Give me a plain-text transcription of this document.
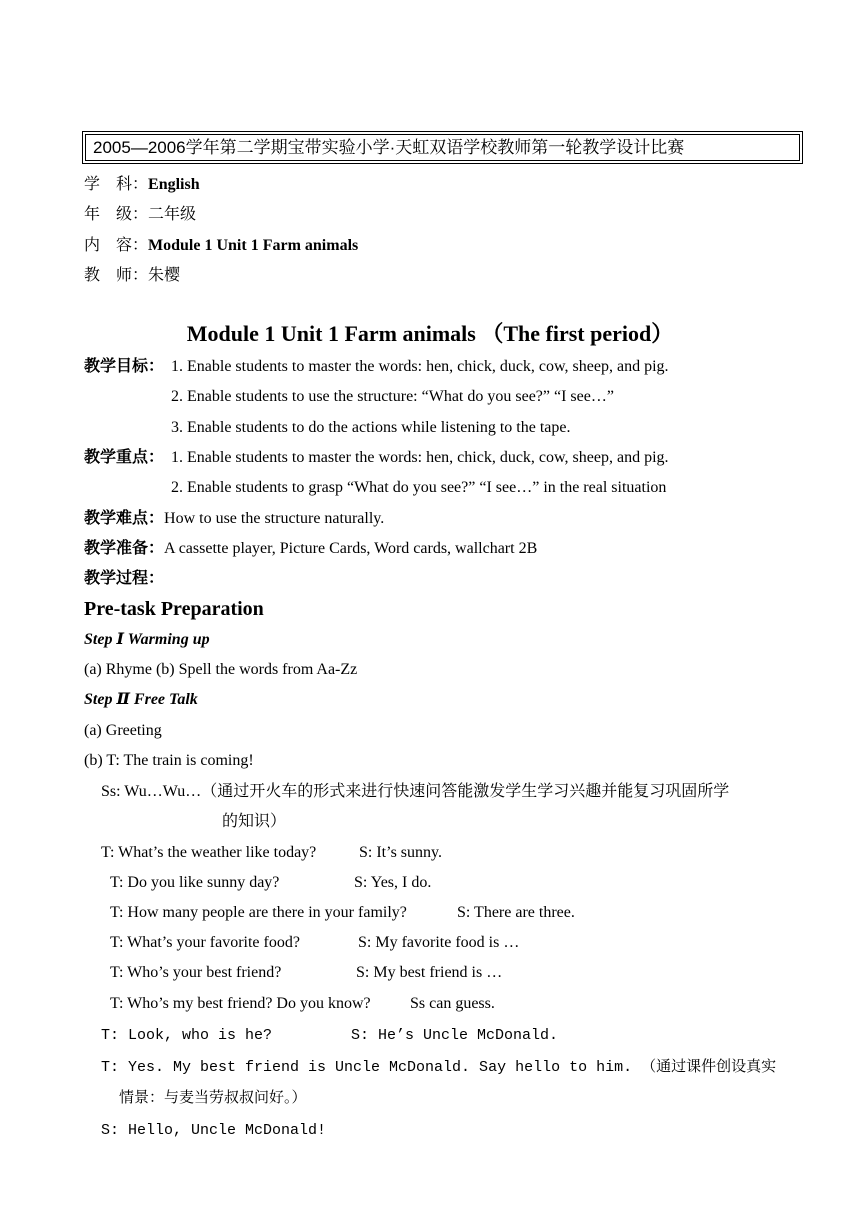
2005—2006学年第二学期宝带实验小学·天虹双语学校教师第一轮教学设计比赛
学　科：English
年　级：二年级
内　容：Module 1 Unit 1 Farm animals
教　师：朱樱
Module 1 Unit 1 Farm animals （The first period）
教学目标： 1. Enable students to master the words: hen, chick, duck, cow, sheep, and pig.
2. Enable students to use the structure: “What do you see?” “I see…”
3. Enable students to do the actions while listening to the tape.
教学重点： 1. Enable students to master the words: hen, chick, duck, cow, sheep, and pig.
2. Enable students to grasp “What do you see?” “I see…” in the real situation
教学难点：How to use the structure naturally.
教学准备：A cassette player, Picture Cards, Word cards, wallchart 2B
教学过程：
Pre-task Preparation
Step Ⅰ Warming up
(a) Rhyme (b) Spell the words from Aa-Zz
Step Ⅱ Free Talk
(a) Greeting
(b) T: The train is coming!
Ss: Wu…Wu…（通过开火车的形式来进行快速问答能激发学生学习兴趣并能复习巩固所学
的知识）
T: What’s the weather like today?	S: It’s sunny.
T: Do you like sunny day?	S: Yes, I do.
T: How many people are there in your family?	S: There are three.
T: What’s your favorite food?	S: My favorite food is …
T: Who’s your best friend?	S: My best friend is …
T: Who’s my best friend? Do you know? Ss can guess.
T: Look, who is he?	S: He’s Uncle McDonald.
T: Yes. My best friend is Uncle McDonald. Say hello to him. （通过课件创设真实
情景：与麦当劳叔叔问好。）
S: Hello, Uncle McDonald!
